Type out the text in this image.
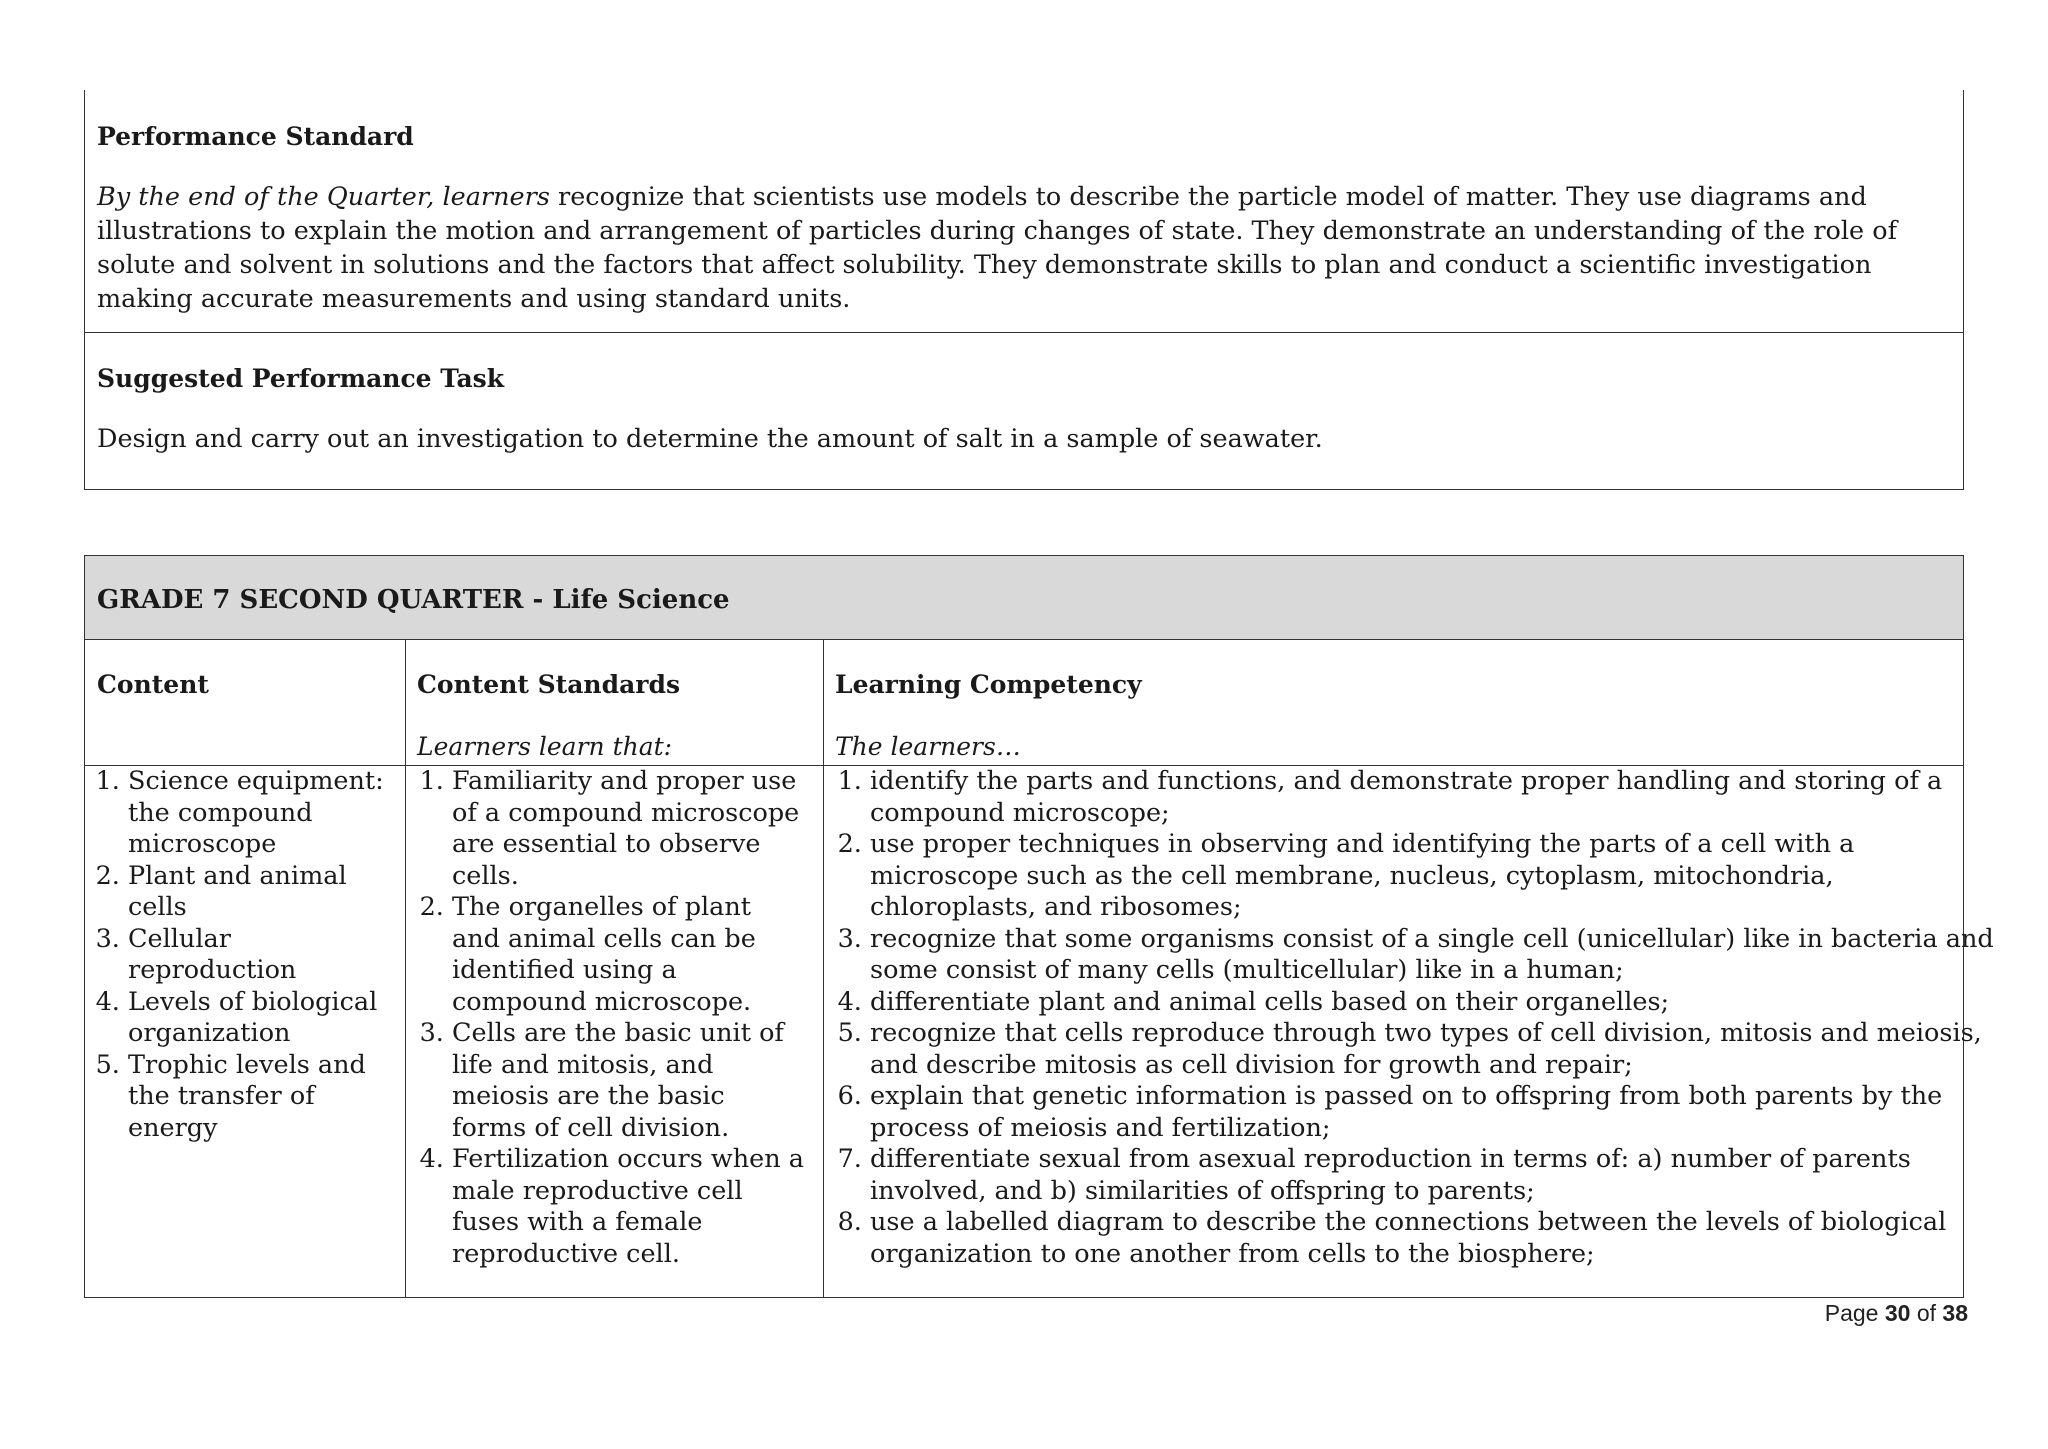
Performance Standard
By the end of the Quarter, learners recognize that scientists use models to describe the particle model of matter. They use diagrams and illustrations to explain the motion and arrangement of particles during changes of state. They demonstrate an understanding of the role of solute and solvent in solutions and the factors that affect solubility. They demonstrate skills to plan and conduct a scientific investigation making accurate measurements and using standard units.
Suggested Performance Task
Design and carry out an investigation to determine the amount of salt in a sample of seawater.
GRADE 7 SECOND QUARTER - Life Science
Content	Content Standards
Learners learn that:
Learning Competency
The learners…
1. Science equipment: the compound microscope
2. Plant and animal cells
3. Cellular reproduction
4. Levels of biological organization
5. Trophic levels and the transfer of energy
1. Familiarity and proper use of a compound microscope are essential to observe cells.
2. The organelles of plant and animal cells can be identified using a compound microscope.
3. Cells are the basic unit of life and mitosis, and meiosis are the basic forms of cell division.
4. Fertilization occurs when a male reproductive cell fuses with a female reproductive cell.
1. identify the parts and functions, and demonstrate proper handling and storing of a compound microscope;
2. use proper techniques in observing and identifying the parts of a cell with a microscope such as the cell membrane, nucleus, cytoplasm, mitochondria, chloroplasts, and ribosomes;
3. recognize that some organisms consist of a single cell (unicellular) like in bacteria and some consist of many cells (multicellular) like in a human;
4. differentiate plant and animal cells based on their organelles;
5. recognize that cells reproduce through two types of cell division, mitosis and meiosis, and describe mitosis as cell division for growth and repair;
6. explain that genetic information is passed on to offspring from both parents by the process of meiosis and fertilization;
7. differentiate sexual from asexual reproduction in terms of: a) number of parents involved, and b) similarities of offspring to parents;
8. use a labelled diagram to describe the connections between the levels of biological organization to one another from cells to the biosphere;
Page 30 of 38
